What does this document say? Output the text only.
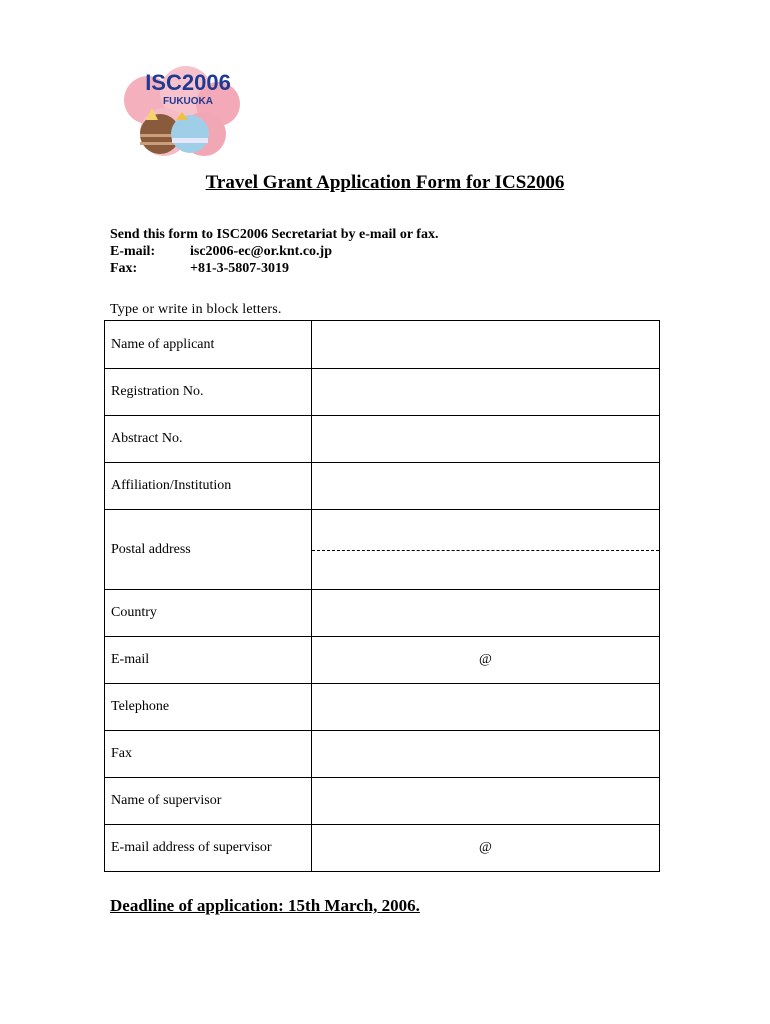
ISC2006
FUKUOKA
Travel Grant Application Form for ICS2006
Send this form to ISC2006 Secretariat by e-mail or fax.
E-mail:	isc2006-ec@or.knt.co.jp
Fax:	+81-3-5807-3019
Type or write in block letters.
Name of applicant	
Registration No.	
Abstract No.	
Affiliation/Institution	
Postal address	

Country	
E-mail	@
Telephone	
Fax	
Name of supervisor	
E-mail address of supervisor	@
Deadline of application: 15th March, 2006.
